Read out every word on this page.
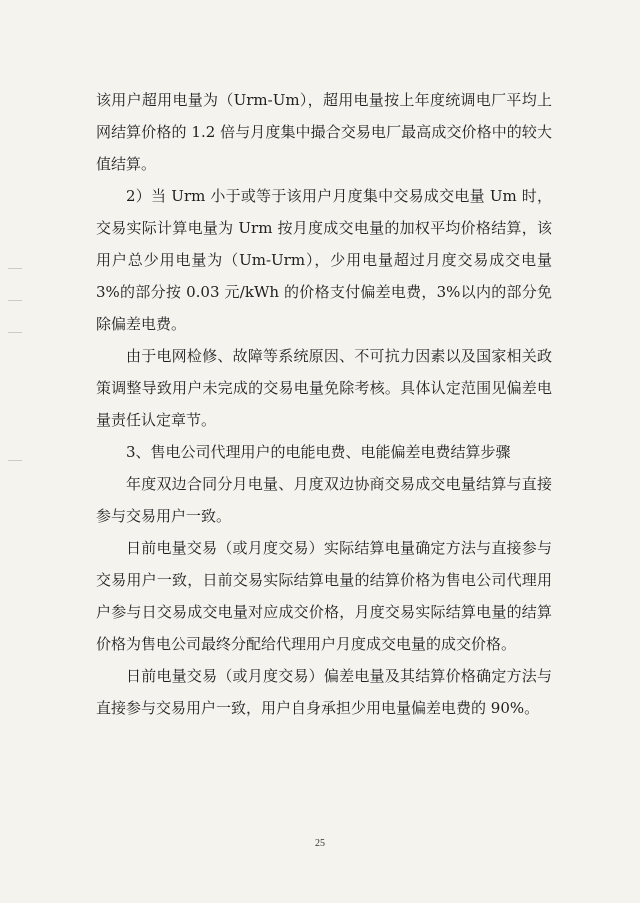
该用户超用电量为（Urm-Um），超用电量按上年度统调电厂平均上网结算价格的 1.2 倍与月度集中撮合交易电厂最高成交价格中的较大值结算。

2）当 Urm 小于或等于该用户月度集中交易成交电量 Um 时，交易实际计算电量为 Urm 按月度成交电量的加权平均价格结算，该用户总少用电量为（Um-Urm），少用电量超过月度交易成交电量 3%的部分按 0.03 元/kWh 的价格支付偏差电费，3%以内的部分免除偏差电费。

由于电网检修、故障等系统原因、不可抗力因素以及国家相关政策调整导致用户未完成的交易电量免除考核。具体认定范围见偏差电量责任认定章节。

3、售电公司代理用户的电能电费、电能偏差电费结算步骤

年度双边合同分月电量、月度双边协商交易成交电量结算与直接参与交易用户一致。

日前电量交易（或月度交易）实际结算电量确定方法与直接参与交易用户一致，日前交易实际结算电量的结算价格为售电公司代理用户参与日交易成交电量对应成交价格，月度交易实际结算电量的结算价格为售电公司最终分配给代理用户月度成交电量的成交价格。

日前电量交易（或月度交易）偏差电量及其结算价格确定方法与直接参与交易用户一致，用户自身承担少用电量偏差电费的 90%。

25
